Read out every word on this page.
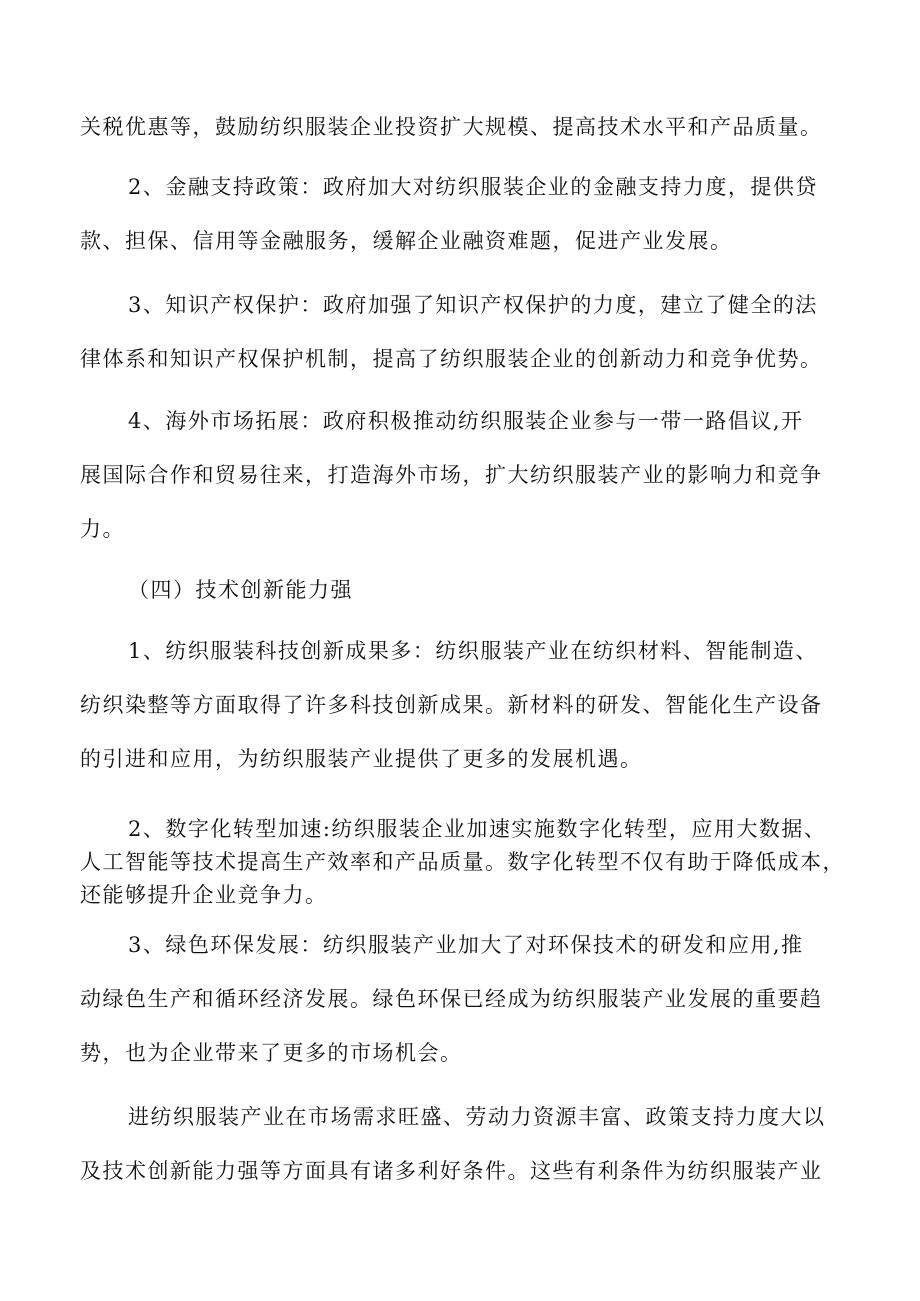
关税优惠等，鼓励纺织服装企业投资扩大规模、提高技术水平和产品质量。
2、金融支持政策：政府加大对纺织服装企业的金融支持力度，提供贷
款、担保、信用等金融服务，缓解企业融资难题，促进产业发展。
3、知识产权保护：政府加强了知识产权保护的力度，建立了健全的法
律体系和知识产权保护机制，提高了纺织服装企业的创新动力和竞争优势。
4、海外市场拓展：政府积极推动纺织服装企业参与一带一路倡议,开
展国际合作和贸易往来，打造海外市场，扩大纺织服装产业的影响力和竞争
力。
（四）技术创新能力强
1、纺织服装科技创新成果多：纺织服装产业在纺织材料、智能制造、
纺织染整等方面取得了许多科技创新成果。新材料的研发、智能化生产设备
的引进和应用，为纺织服装产业提供了更多的发展机遇。
2、数字化转型加速:纺织服装企业加速实施数字化转型，应用大数据、
人工智能等技术提高生产效率和产品质量。数字化转型不仅有助于降低成本，
还能够提升企业竞争力。
3、绿色环保发展：纺织服装产业加大了对环保技术的研发和应用,推
动绿色生产和循环经济发展。绿色环保已经成为纺织服装产业发展的重要趋
势，也为企业带来了更多的市场机会。
进纺织服装产业在市场需求旺盛、劳动力资源丰富、政策支持力度大以
及技术创新能力强等方面具有诸多利好条件。这些有利条件为纺织服装产业
